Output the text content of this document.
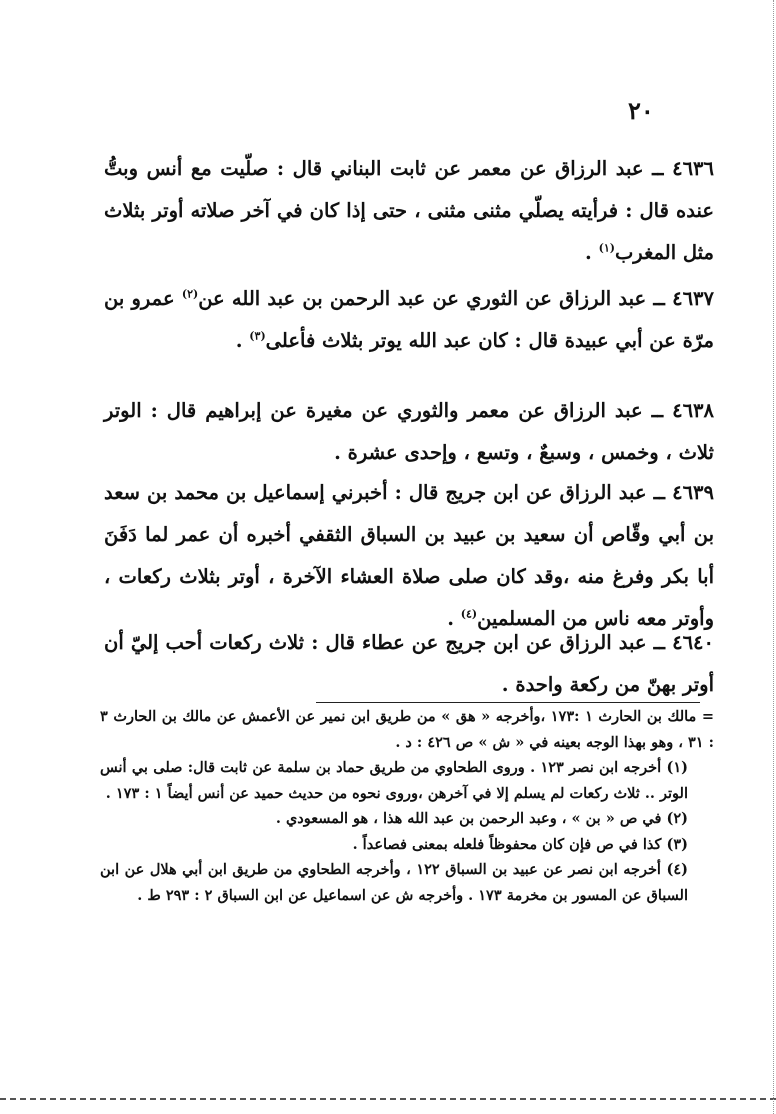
٢٠
٤٦٣٦ ــ عبد الرزاق عن معمر عن ثابت البناني قال : صلّيت مع أنس وبتُّ عنده قال : فرأيته يصلّي مثنى مثنى ، حتى إذا كان في آخر صلاته أوتر بثلاث مثل المغرب$^{(١)}$ .
٤٦٣٧ ــ عبد الرزاق عن الثوري عن عبد الرحمن بن عبد الله عن$^{(٢)}$ عمرو بن مرّة عن أبي عبيدة قال : كان عبد الله يوتر بثلاث فأعلى$^{(٣)}$ .
٤٦٣٨ ــ عبد الرزاق عن معمر والثوري عن مغيرة عن إبراهيم قال : الوتر ثلاث ، وخمس ، وسبعٌ ، وتسع ، وإحدى عشرة .
٤٦٣٩ ــ عبد الرزاق عن ابن جريج قال : أخبرني إسماعيل بن محمد بن سعد بن أبي وقّاص أن سعيد بن عبيد بن السباق الثقفي أخبره أن عمر لما دَفَنَ أبا بكر وفرغ منه ،وقد كان صلى صلاة العشاء الآخرة ، أوتر بثلاث ركعات ، وأوتر معه ناس من المسلمين$^{(٤)}$ .
٤٦٤٠ ــ عبد الرزاق عن ابن جريج عن عطاء قال : ثلاث ركعات أحب إليّ أن أوتر بهنّ من ركعة واحدة .
= مالك بن الحارث ١ :١٧٣ ،وأخرجه « هق » من طريق ابن نمير عن الأعمش عن مالك بن الحارث ٣ : ٣١ ، وهو بهذا الوجه بعينه في « ش » ص ٤٢٦ : د .
(١) أخرجه ابن نصر ١٢٣ . وروى الطحاوي من طريق حماد بن سلمة عن ثابت قال: صلى بي أنس الوتر .. ثلاث ركعات لم يسلم إلا في آخرهن ،وروى نحوه من حديث حميد عن أنس أيضاً ١ : ١٧٣ .
(٢) في ص « بن » ، وعبد الرحمن بن عبد الله هذا ، هو المسعودي .
(٣) كذا في ص فإن كان محفوظاً فلعله بمعنى فصاعداً .
(٤) أخرجه ابن نصر عن عبيد بن السباق ١٢٢ ، وأخرجه الطحاوي من طريق ابن أبي هلال عن ابن السباق عن المسور بن مخرمة ١٧٣ . وأخرجه ش عن اسماعيل عن ابن السباق ٢ : ٢٩٣ ط .
